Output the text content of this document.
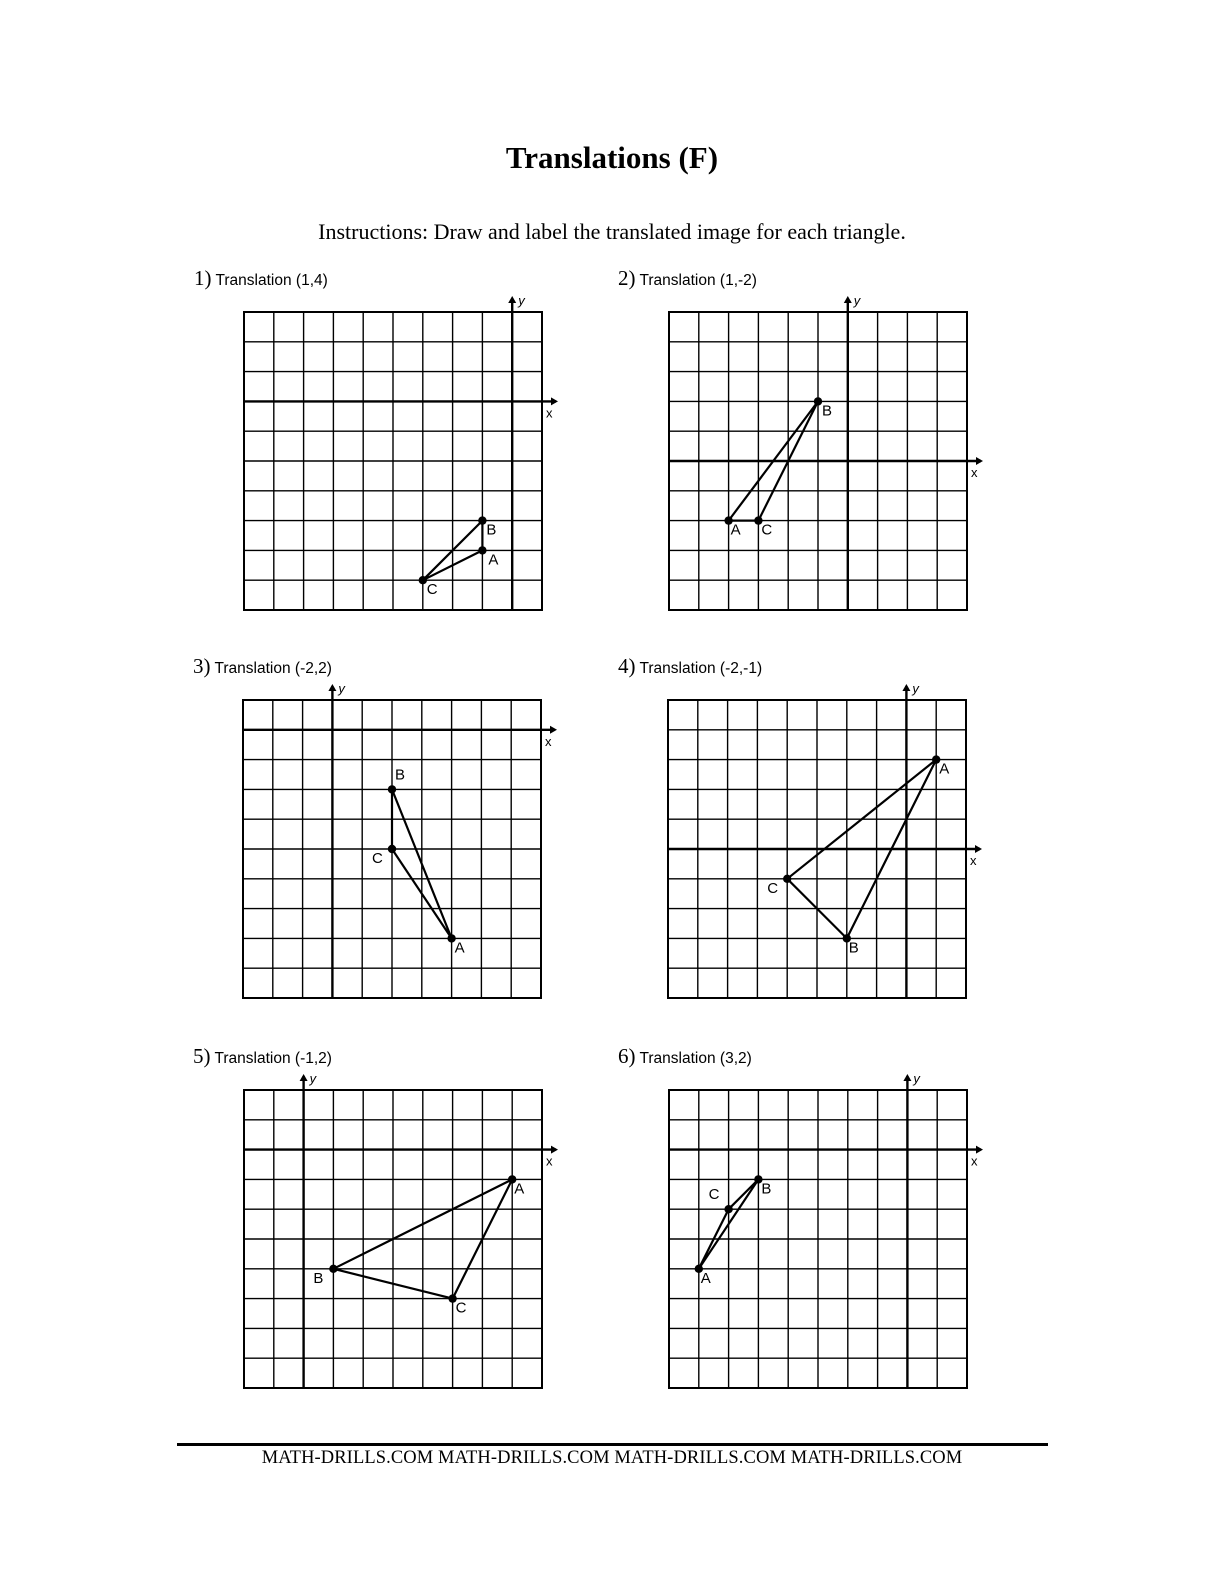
Translations (F)
Instructions: Draw and label the translated image for each triangle.
1) Translation (1,4)
x
y
A
B
C
2) Translation (1,-2)
x
y
A
B
C
3) Translation (-2,2)
x
y
A
B
C
4) Translation (-2,-1)
x
y
A
B
C
5) Translation (-1,2)
x
y
A
B
C
6) Translation (3,2)
x
y
A
B
C
MATH-DRILLS.COM MATH-DRILLS.COM MATH-DRILLS.COM MATH-DRILLS.COM
